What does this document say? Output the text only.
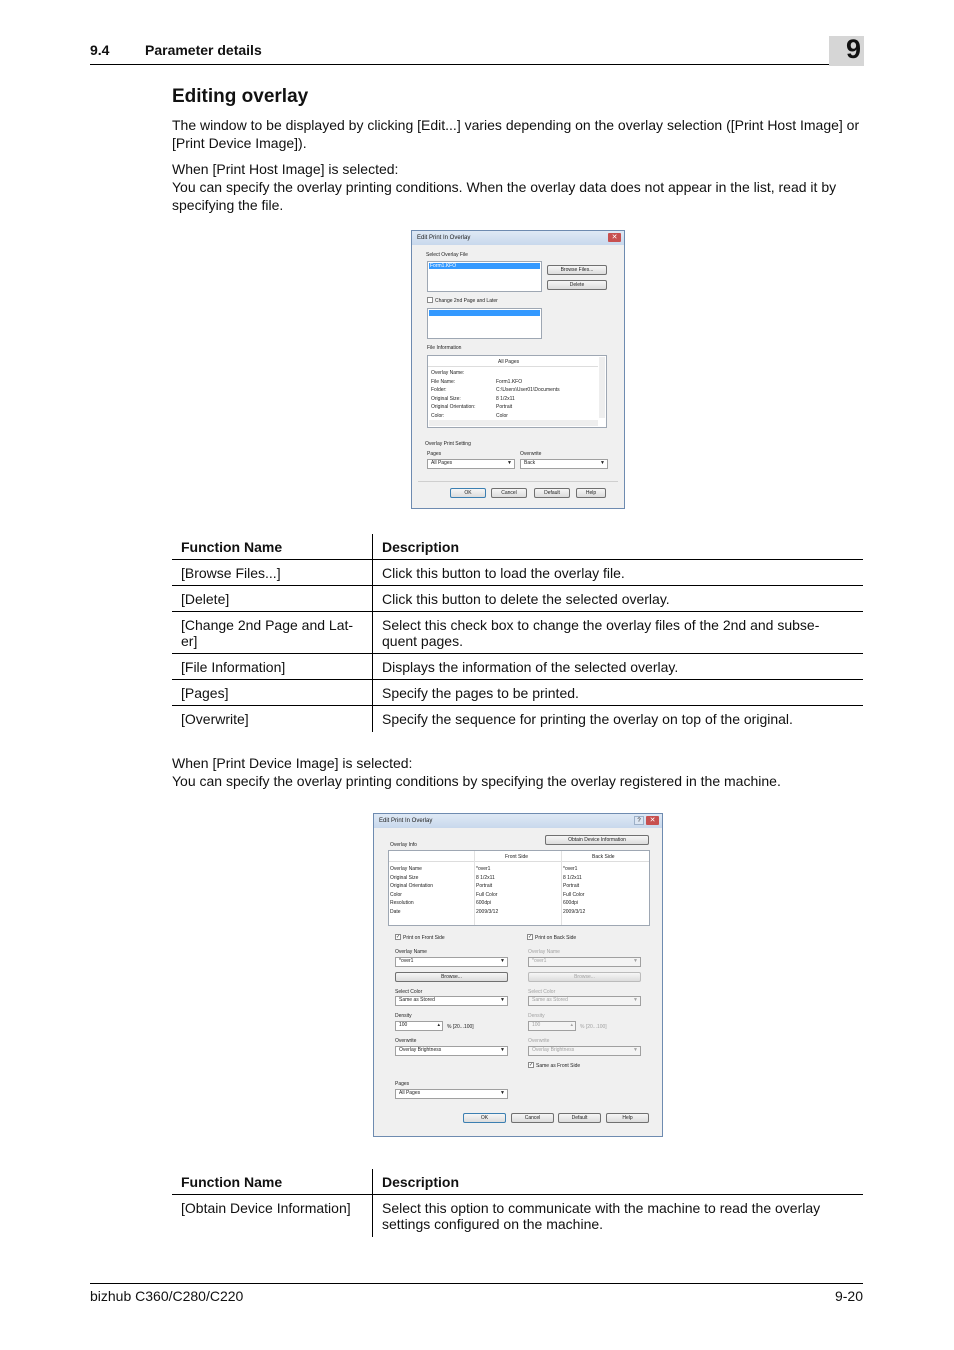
9.4	Parameter details	9
Editing overlay
The window to be displayed by clicking [Edit...] varies depending on the overlay selection ([Print Host Image] or [Print Device Image]).
When [Print Host Image] is selected:
You can specify the overlay printing conditions. When the overlay data does not appear in the list, read it by specifying the file.
Edit Print In Overlay	✕
Select Overlay File
Form1.KFO
Browse Files...
Delete
Change 2nd Page and Later
File Information
All Pages
Overlay Name:
File Name:	Form1.KFO
Folder:	C:\Users\User01\Documents
Original Size:	8 1/2x11
Original Orientation:	Portrait
Color:	Color
Overlay Print Setting
Pages
All Pages	▼
Overwrite
Back	▼
OK	Cancel	Default	Help
Function Name	Description
[Browse Files...]	Click this button to load the overlay file.
[Delete]	Click this button to delete the selected overlay.
[Change 2nd Page and Lat-er]	Select this check box to change the overlay files of the 2nd and subse-quent pages.
[File Information]	Displays the information of the selected overlay.
[Pages]	Specify the pages to be printed.
[Overwrite]	Specify the sequence for printing the overlay on top of the original.
When [Print Device Image] is selected:
You can specify the overlay printing conditions by specifying the overlay registered in the machine.
Edit Print In Overlay	?	✕
Obtain Device Information
Overlay Info
Front Side	Back Side
Overlay Name	*over1	*over1
Original Size	8 1/2x11	8 1/2x11
Original Orientation	Portrait	Portrait
Color	Full Color	Full Color
Resolution	600dpi	600dpi
Date	2009/3/12	2009/3/12
✓ Print on Front Side
Overlay Name
*over1	▼
Browse...
Select Color
Same as Stored	▼
Density
100	▴ % [20...100]
Overwrite
Overlay Brightness	▼
✓ Print on Back Side
Overlay Name
*over1	▼
Browse...
Select Color
Same as Stored	▼
Density
100	▴ % [20...100]
Overwrite
Overlay Brightness	▼
✓ Same as Front Side
Pages
All Pages	▼
OK	Cancel	Default	Help
Function Name	Description
[Obtain Device Information]	Select this option to communicate with the machine to read the overlay settings configured on the machine.
bizhub C360/C280/C220	9-20
